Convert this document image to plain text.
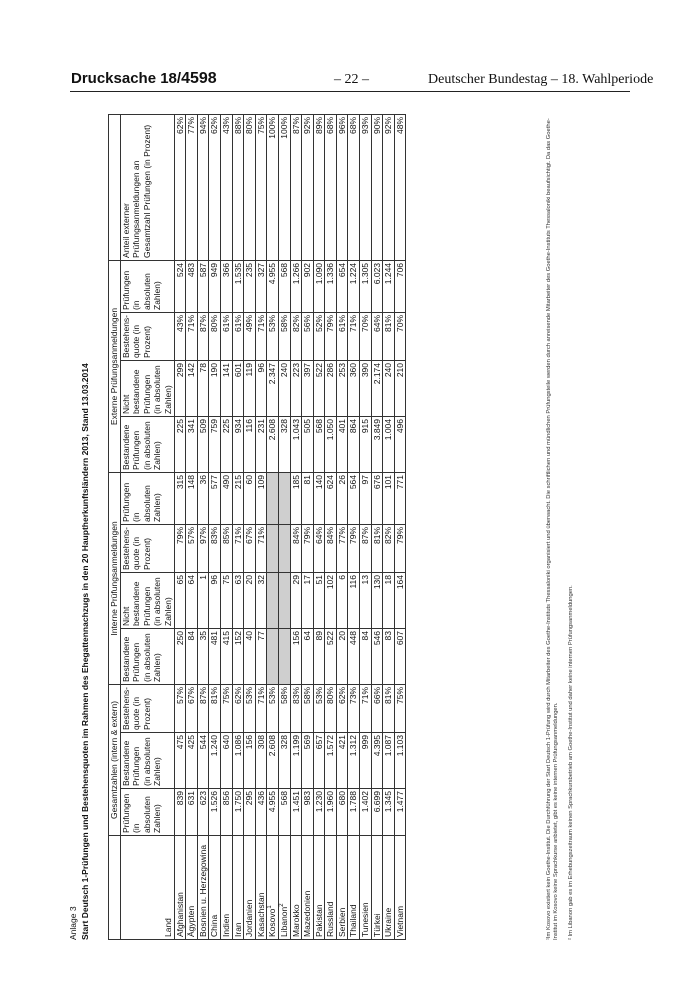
Drucksache 18/4598	– 22 –	Deutscher Bundestag – 18. Wahlperiode
Anlage 3 Start Deutsch 1-Prüfungen und Bestehensquoten im Rahmen des Ehegattennachzugs in den 20 Hauptherkunftsländern 2013, Stand 13.03.2014
	Gesamtzahlen (intern & extern)			Interne Prüfungsanmeldungen				Externe Prüfungsanmeldungen				
Land	Prüfungen (in absoluten Zahlen)	Bestandene Prüfungen (in absoluten Zahlen)	Bestehens-quote (in Prozent)	Bestandene Prüfungen (in absoluten Zahlen)	Nicht bestandene Prüfungen (in absoluten Zahlen)	Bestehens-quote (in Prozent)	Prüfungen (in absoluten Zahlen)	Bestandene Prüfungen (in absoluten Zahlen)	Nicht bestandene Prüfungen (in absoluten Zahlen)	Bestehens-quote (in Prozent)	Prüfungen (in absoluten Zahlen)	Anteil externer Prüfungsanmeldungen an Gesamtzahl Prüfungen (in Prozent)
Afghanistan	839	475	57%	250	65	79%	315	225	299	43%	524	62%
Ägypten	631	425	67%	84	64	57%	148	341	142	71%	483	77%
Bosnien u. Herzegowina	623	544	87%	35	1	97%	36	509	78	87%	587	94%
China	1.526	1.240	81%	481	96	83%	577	759	190	80%	949	62%
Indien	856	640	75%	415	75	85%	490	225	141	61%	366	43%
Iran	1.750	1.086	62%	152	63	71%	215	934	601	61%	1.535	88%
Jordanien	295	156	53%	40	20	67%	60	116	119	49%	235	80%
Kasachstan	436	308	71%	77	32	71%	109	231	96	71%	327	75%
Kosovo$^1$	4.955	2.608	53%					2.608	2.347	53%	4.955	100%
Libanon$^2$	568	328	58%					328	240	58%	568	100%
Marokko	1.451	1.199	83%	156	29	84%	185	1.043	223	82%	1.266	87%
Mazedonien	983	569	58%	64	17	79%	81	505	397	56%	902	92%
Pakistan	1.230	657	53%	89	51	64%	140	568	522	52%	1.090	89%
Russland	1.960	1.572	80%	522	102	84%	624	1.050	286	79%	1.336	68%
Serbien	680	421	62%	20	6	77%	26	401	253	61%	654	96%
Thailand	1.788	1.312	73%	448	116	79%	564	864	360	71%	1.224	68%
Tunesien	1.402	999	71%	84	13	87%	97	915	390	70%	1.305	93%
Türkei	6.699	4.395	66%	546	130	81%	676	3.849	2.174	64%	6.023	90%
Ukraine	1.345	1.087	81%	83	18	82%	101	1.004	240	81%	1.244	92%
Vietnam	1.477	1.103	75%	607	164	79%	771	496	210	70%	706	48%	¹Im Kosovo existiert kein Goethe-Institut. Die Durchführung der Start Deutsch 1-Prüfung wird durch Mitarbeiter des Goethe-Instituts Thessaloniki organisiert und überwacht. Die schriftlichen und mündlichen Prüfungsteile werden durch anreisende Mitarbeiter des Goethe-Instituts Thessaloniki beaufsichtigt. Da das Goethe-Institut im Kosovo keine Sprachkurse anbietet, gibt es keine internen Prüfungsanmeldungen. ² Im Libanon gab es im Erhebungszeitraum keinen Sprachkursbetrieb am Goethe-Institut und daher keine internen Prüfungsanmeldungen.
